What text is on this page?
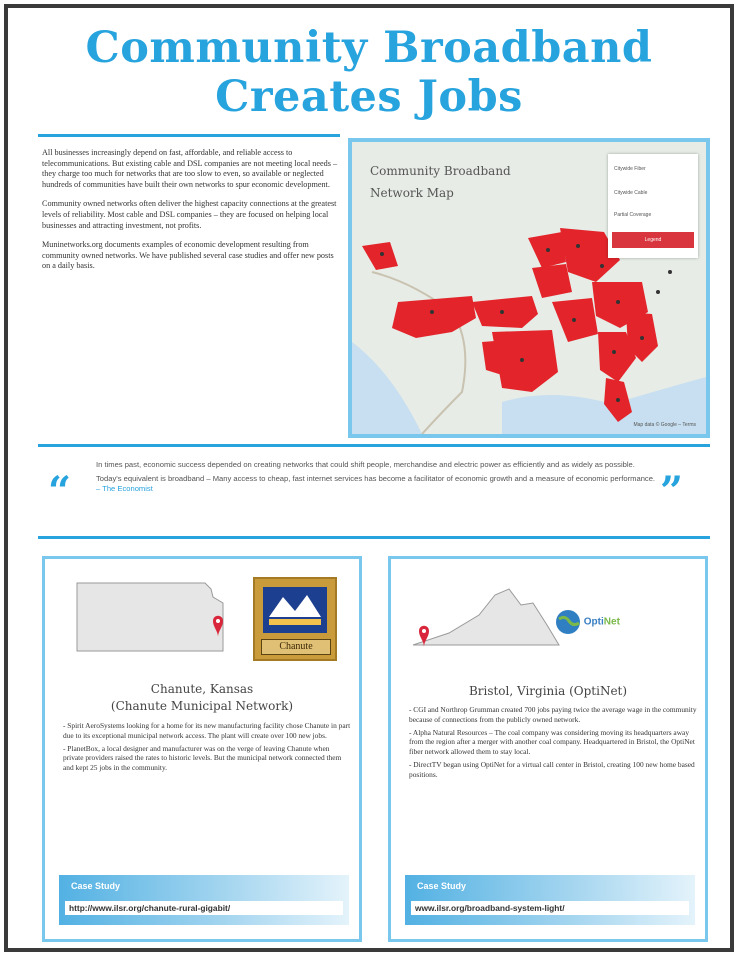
Community Broadband
Creates Jobs

All businesses increasingly depend on fast, affordable, and reliable access to telecommunications. But existing cable and DSL companies are not meeting local needs – they charge too much for networks that are too slow to even, so available or neglected hundreds of communities have built their own networks to spur economic development.

Community owned networks often deliver the highest capacity connections at the greatest levels of reliability. Most cable and DSL companies – they are focused on helping local businesses and attracting investment, not profits.

Muninetworks.org documents examples of economic development resulting from community owned networks. We have published several case studies and offer new posts on a daily basis.

Community Broadband
Network Map
Citywide Fiber
Citywide Cable
Partial Coverage
Legend
Map data © Google – Terms
“

In times past, economic success depended on creating networks that could shift people, merchandise and electric power as efficiently and as widely as possible.

Today's equivalent is broadband – Many access to cheap, fast internet services has become a facilitator of economic growth and a measure of economic performance. – The Economist	”
Chanute
Chanute, Kansas
(Chanute Municipal Network)

- Spirit AeroSystems looking for a home for its new manufacturing facility chose Chanute in part due to its exceptional municipal network access. The plant will create over 100 new jobs.

- PlanetBox, a local designer and manufacturer was on the verge of leaving Chanute when private providers raised the rates to historic levels. But the municipal network connected them and kept 25 jobs in the community.

Case Study
http://www.ilsr.org/chanute-rural-gigabit/
OptiNet
Bristol, Virginia (OptiNet)

- CGI and Northrop Grumman created 700 jobs paying twice the average wage in the community because of connections from the publicly owned network.

- Alpha Natural Resources – The coal company was considering moving its headquarters away from the region after a merger with another coal company. Headquartered in Bristol, the OptiNet fiber network allowed them to stay local.

- DirectTV began using OptiNet for a virtual call center in Bristol, creating 100 new home based positions.

Case Study
www.ilsr.org/broadband-system-light/
